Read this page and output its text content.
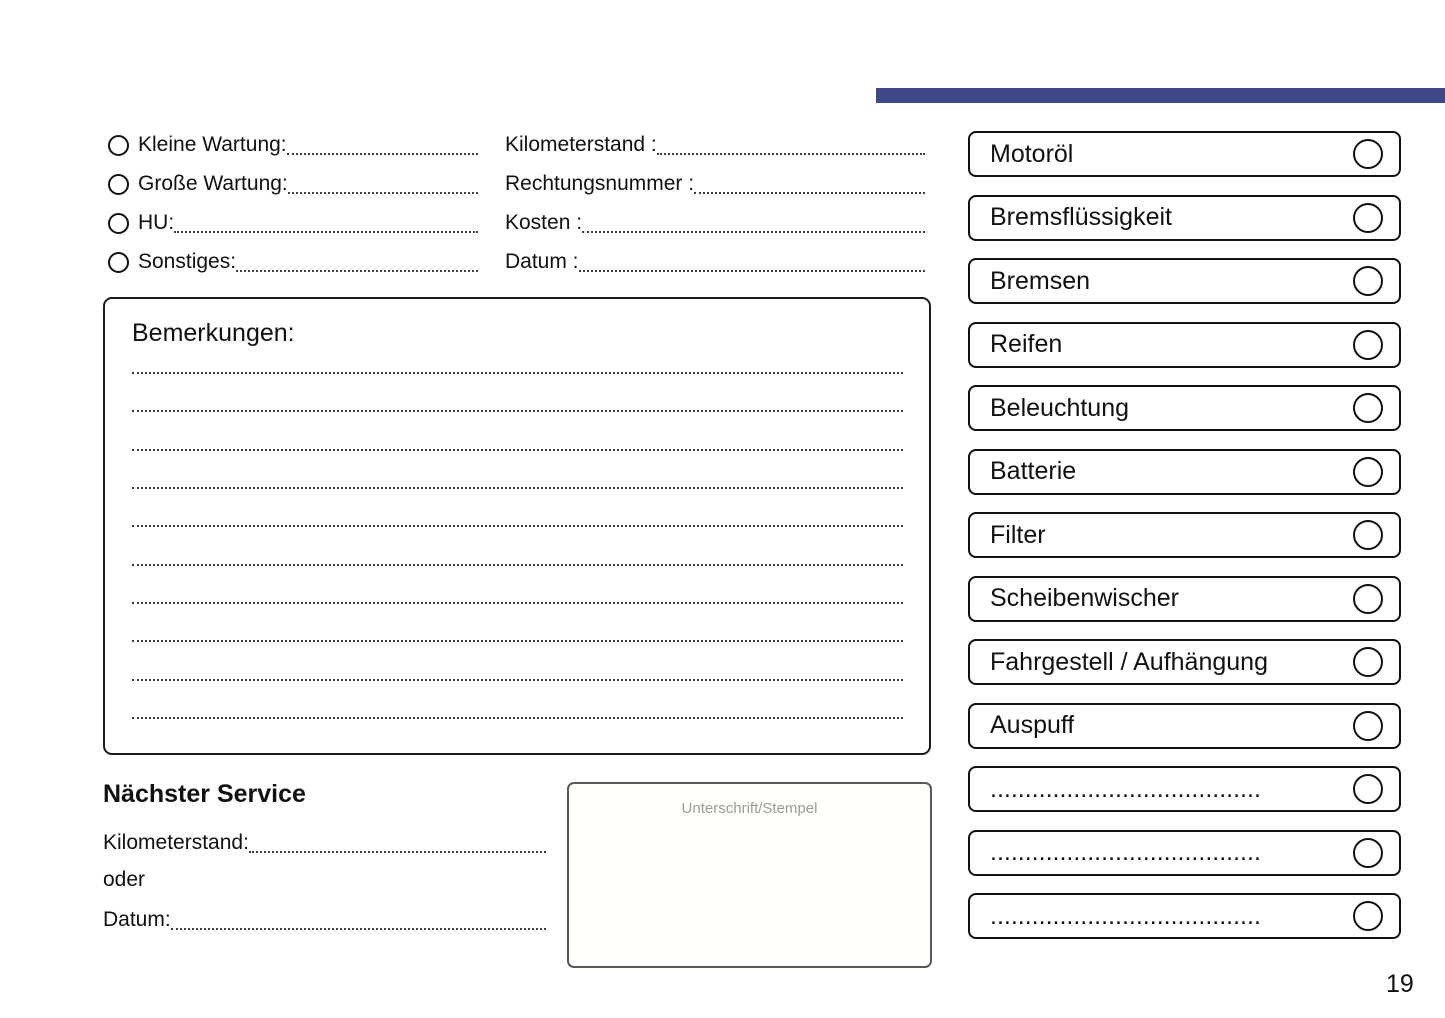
Kleine Wartung:
Große Wartung:
HU:
Sonstiges:
Kilometerstand :
Rechtungsnummer :
Kosten :
Datum :
Bemerkungen:
Nächster Service
Kilometerstand:
oder
Datum:
Unterschrift/Stempel
Motoröl
Bremsflüssigkeit
Bremsen
Reifen
Beleuchtung
Batterie
Filter
Scheibenwischer
Fahrgestell / Aufhängung
Auspuff
.......................................
.......................................
.......................................
19
